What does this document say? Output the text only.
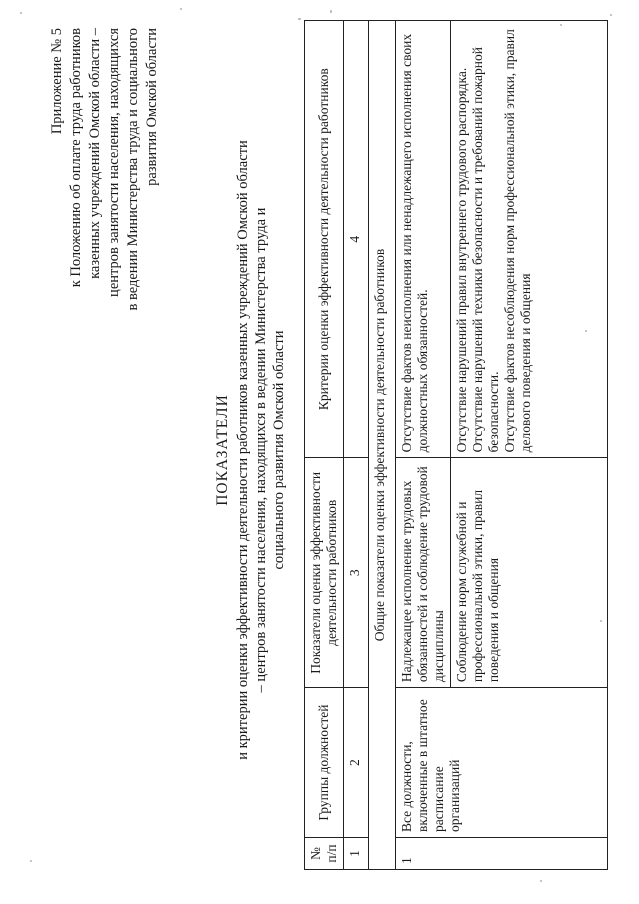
Приложение № 5 к Положению об оплате труда работников казенных учреждений Омской области – центров занятости населения, находящихся в ведении Министерства труда и социального развития Омской области
ПОКАЗАТЕЛИ и критерии оценки эффективности деятельности работников казенных учреждений Омской области – центров занятости населения, находящихся в ведении Министерства труда и социального развития Омской области
№ п/п	Группы должностей	Показатели оценки эффективности деятельности работников	Критерии оценки эффективности деятельности работников
1	2	3	4
Общие показатели оценки эффективности деятельности работников			
1	Все должности, включенные в штатное расписание организаций	Надлежащее исполнение трудовых обязанностей и соблюдение трудовой дисциплины	Отсутствие фактов неисполнения или ненадлежащего исполнения своих должностных обязанностей.
		Соблюдение норм служебной и профессиональной этики, правил поведения и общения	Отсутствие нарушений правил внутреннего трудового распорядка. Отсутствие нарушений техники безопасности и требований пожарной безопасности. Отсутствие фактов несоблюдения норм профессиональной этики, правил делового поведения и общения
